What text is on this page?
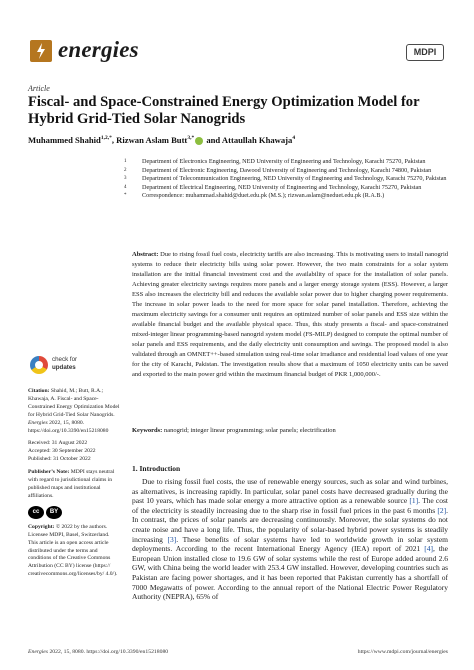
energies	MDPI
Article
Fiscal- and Space-Constrained Energy Optimization Model for Hybrid Grid-Tied Solar Nanogrids
Muhammed Shahid$^{1,2,*}$, Rizwan Aslam Butt$^{3,*}$ and Attaullah Khawaja$^4$
1	Department of Electronics Engineering, NED University of Engineering and Technology, Karachi 75270, Pakistan
2	Department of Electronic Engineering, Dawood University of Engineering and Technology, Karachi 74800, Pakistan
3	Department of Telecommunication Engineering, NED University of Engineering and Technology, Karachi 75270, Pakistan
4	Department of Electrical Engineering, NED University of Engineering and Technology, Karachi 75270, Pakistan
*	Correspondence: muhammad.shahid@duet.edu.pk (M.S.); rizwan.aslam@neduet.edu.pk (R.A.B.)
Abstract: Due to rising fossil fuel costs, electricity tariffs are also increasing. This is motivating users to install nanogrid systems to reduce their electricity bills using solar power. However, the two main constraints for a solar system installation are the initial financial investment cost and the availability of space for the installation of solar panels. Achieving greater electricity savings requires more panels and a larger energy storage system (ESS). However, a larger ESS also increases the electricity bill and reduces the available solar power due to higher charging power requirements. The increase in solar power leads to the need for more space for solar panel installation. Therefore, achieving the maximum electricity savings for a consumer unit requires an optimized number of solar panels and ESS size within the available financial budget and the available physical space. Thus, this study presents a fiscal- and space-constrained mixed-integer linear programming-based nanogrid system model (FS-MILP) designed to compute the optimal number of solar panels and ESS requirements, and the daily electricity unit consumption and savings. The proposed model is also validated through an OMNET++-based simulation using real-time solar irradiance and residential load values of one year for the city of Karachi, Pakistan. The investigation results show that a maximum of 1050 electricity units can be saved and exported to the main power grid within the maximum financial budget of PKR 1,000,000/-.
Keywords: nanogrid; integer linear programming; solar panels; electrification
check for
updates
Citation: Shahid, M.; Butt, R.A.; Khawaja, A. Fiscal- and Space-Constrained Energy Optimization Model for Hybrid Grid-Tied Solar Nanogrids. Energies 2022, 15, 8080. https://doi.org/10.3390/en15218080
Received: 31 August 2022
Accepted: 30 September 2022
Published: 31 October 2022
Publisher’s Note: MDPI stays neutral with regard to jurisdictional claims in published maps and institutional affiliations.
cc	BY
Copyright: © 2022 by the authors. Licensee MDPI, Basel, Switzerland. This article is an open access article distributed under the terms and conditions of the Creative Commons Attribution (CC BY) license (https:// creativecommons.org/licenses/by/ 4.0/).
1. Introduction
Due to rising fossil fuel costs, the use of renewable energy sources, such as solar and wind turbines, as alternatives, is increasing rapidly. In particular, solar panel costs have decreased gradually during the past 10 years, which has made solar energy a more attractive option as a renewable source [1]. The cost of the electricity is steadily increasing due to the sharp rise in fossil fuel prices in the past 6 months [2]. In contrast, the prices of solar panels are decreasing continuously. Moreover, the solar systems do not create noise and have a long life. Thus, the popularity of solar-based hybrid power systems is steadily increasing [3]. These benefits of solar systems have led to worldwide growth in solar system deployments. According to the recent International Energy Agency (IEA) report of 2021 [4], the European Union installed close to 19.6 GW of solar systems while the rest of Europe added around 2.6 GW, with China being the world leader with 253.4 GW installed. However, developing countries such as Pakistan are facing power shortages, and it has been reported that Pakistan currently has a shortfall of 7000 Megawatts of power. According to the annual report of the National Electric Power Regulatory Authority (NEPRA), 65% of
Energies 2022, 15, 8080. https://doi.org/10.3390/en15218080	https://www.mdpi.com/journal/energies
